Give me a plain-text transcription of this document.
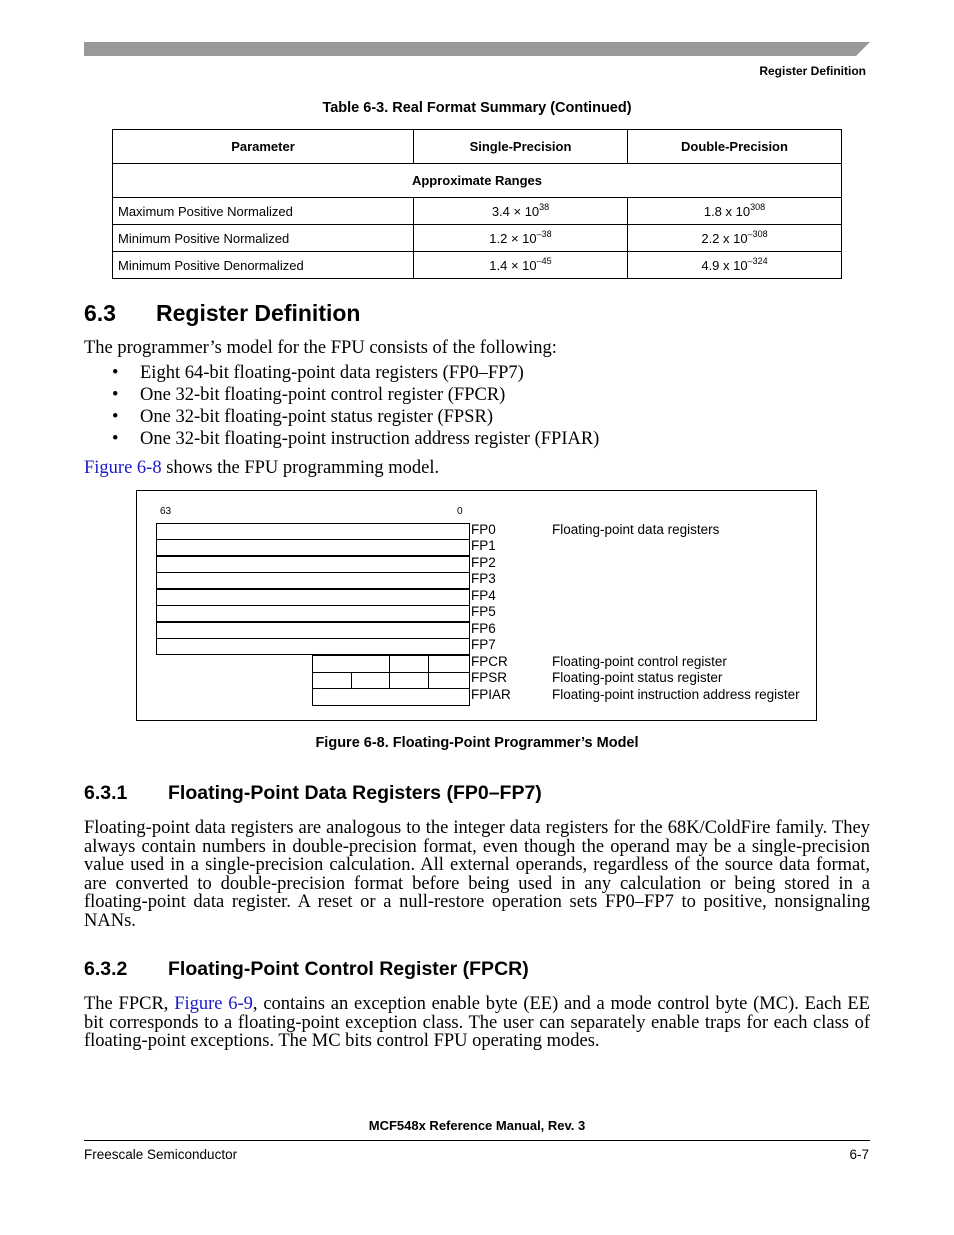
Register Definition
Table 6-3. Real Format Summary (Continued)
Parameter	Single-Precision	Double-Precision
Approximate Ranges		
Maximum Positive Normalized	$3.4 \times 10^{38}$	1.8 x $10^{308}$
Minimum Positive Normalized	$1.2 \times 10^{-38}$	2.2 x $10^{-308}$
Minimum Positive Denormalized	$1.4 \times 10^{-45}$	4.9 x $10^{-324}$
6.3 Register Definition
The programmer’s model for the FPU consists of the following:
• Eight 64-bit floating-point data registers (FP0–FP7)
• One 32-bit floating-point control register (FPCR)
• One 32-bit floating-point status register (FPSR)
• One 32-bit floating-point instruction address register (FPIAR)
Figure 6-8 shows the FPU programming model.
63	0
FP0
FP1
FP2
FP3
FP4
FP5
FP6
FP7
FPCR
FPSR
FPIAR
Floating-point data registers
Floating-point control register
Floating-point status register
Floating-point instruction address register
Figure 6-8. Floating-Point Programmer’s Model
6.3.1 Floating-Point Data Registers (FP0–FP7)
Floating-point data registers are analogous to the integer data registers for the 68K/ColdFire family. They always contain numbers in double-precision format, even though the operand may be a single-precision value used in a single-precision calculation. All external operands, regardless of the source data format, are converted to double-precision format before being used in any calculation or being stored in a floating-point data register. A reset or a null-restore operation sets FP0–FP7 to positive, nonsignaling NANs.
6.3.2 Floating-Point Control Register (FPCR)
The FPCR, Figure 6-9, contains an exception enable byte (EE) and a mode control byte (MC). Each EE bit corresponds to a floating-point exception class. The user can separately enable traps for each class of floating-point exceptions. The MC bits control FPU operating modes.
MCF548x Reference Manual, Rev. 3
Freescale Semiconductor	6-7
